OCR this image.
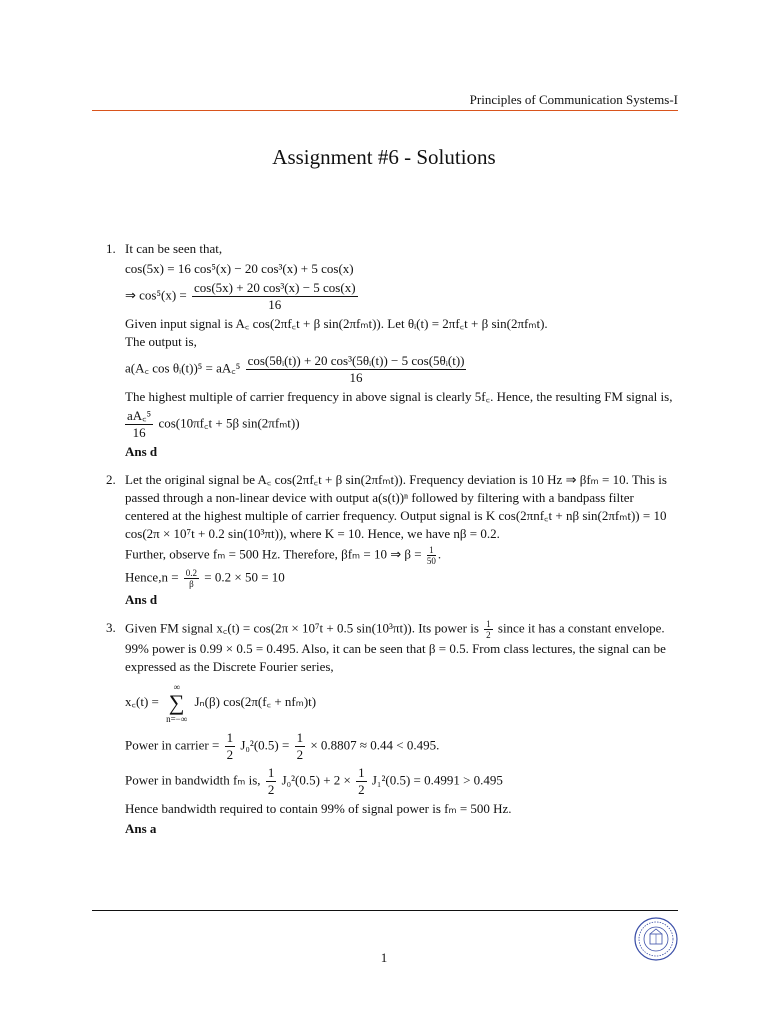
Principles of Communication Systems-I
Assignment #6 - Solutions
1. It can be seen that,
cos(5x) = 16 cos⁵(x) − 20 cos³(x) + 5 cos(x)
⇒ $\cos^5(x) = \frac{\text{cos(5x) + 20 cos³(x) − 5 cos(x)}}{16}$
Given input signal is A꜀ cos(2πf꜀t + β sin(2πfₘt)). Let θᵢ(t) = 2πf꜀t + β sin(2πfₘt).
The output is,
a(A꜀ cos θᵢ(t))⁵ = aA꜀⁵ $\frac{\text{cos(5θᵢ(t)) + 20 cos³(5θᵢ(t)) − 5 cos(5θᵢ(t))}}{16}$
The highest multiple of carrier frequency in above signal is clearly 5f꜀. Hence, the resulting FM signal is,
$\frac{\text{aA꜀⁵}}{16}$ cos(10πf꜀t + 5β sin(2πfₘt))
Ans d
2. Let the original signal be A꜀ cos(2πf꜀t + β sin(2πfₘt)). Frequency deviation is 10 Hz ⇒ βfₘ = 10. This is passed through a non-linear device with output a(s(t))ⁿ followed by filtering with a bandpass filter centered at the highest multiple of carrier frequency. Output signal is K cos(2πnf꜀t + nβ sin(2πfₘt)) = 10 cos(2π × 10⁷t + 0.2 sin(10³πt)), where K = 10. Hence, we have nβ = 0.2.
Further, observe fₘ = 500 Hz. Therefore, βfₘ = 10 ⇒ $\beta = \frac{1}{50}$ .
Hence,n = $\frac{0.2}{\beta} = 0.2 \times 50 = 10$
Ans d
3. Given FM signal x꜀(t) = cos(2π × 10⁷t + 0.5 sin(10³πt)). Its power is $\frac{1}{2}$ since it has a constant envelope. 99% power is 0.99 × 0.5 = 0.495. Also, it can be seen that β = 0.5. From class lectures, the signal can be expressed as the Discrete Fourier series,
x꜀(t) =
∞
∑
n=−∞
Jₙ(β) cos(2π(f꜀ + nfₘ)t)
Power in carrier = $\frac{1}{2} J_0^2(0.5) = \frac{1}{2} \times 0.8807 \approx 0.44 < 0.495$.
Power in bandwidth fₘ is, $\frac{1}{2} J_0^2(0.5) + 2 \times \frac{1}{2} J_1^2(0.5) = 0.4991 > 0.495$
Hence bandwidth required to contain 99% of signal power is fₘ = 500 Hz.
Ans a
1
